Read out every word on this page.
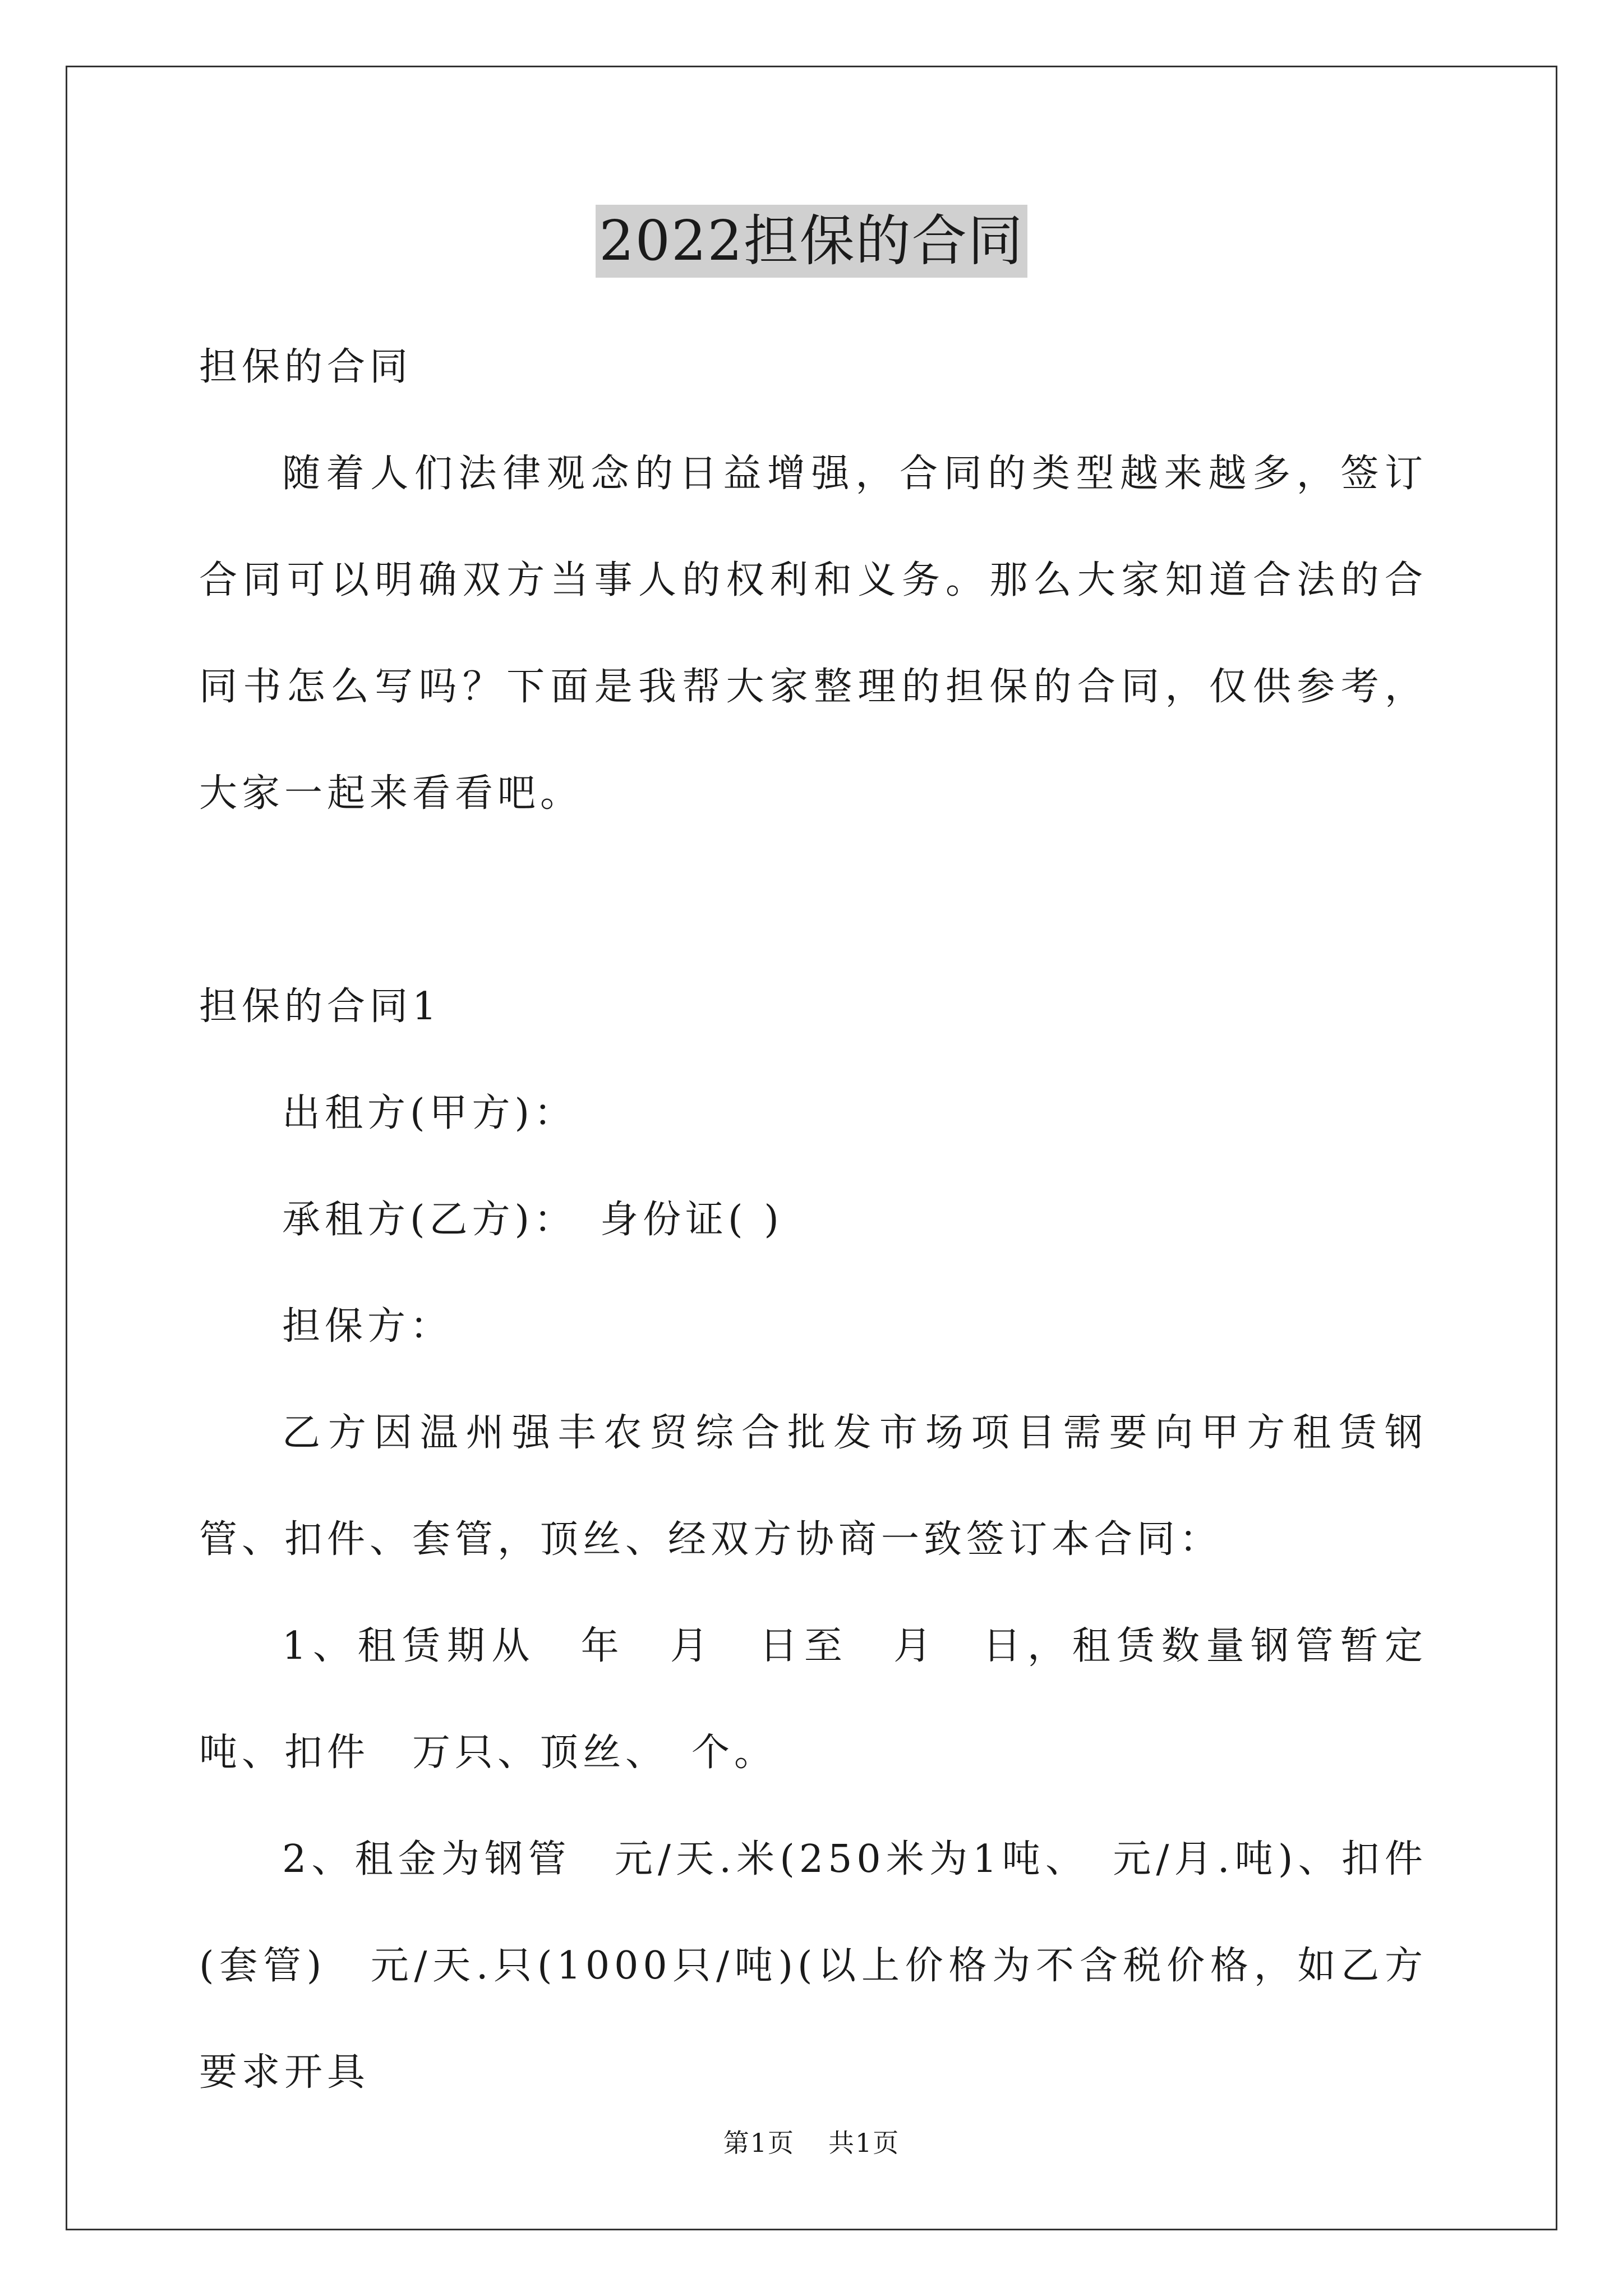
2022担保的合同

担保的合同

随着人们法律观念的日益增强，合同的类型越来越多，签订合同可以明确双方当事人的权利和义务。那么大家知道合法的合同书怎么写吗？下面是我帮大家整理的担保的合同，仅供参考，大家一起来看看吧。

担保的合同1

出租方(甲方)：

承租方(乙方)：　身份证( )

担保方：

乙方因温州强丰农贸综合批发市场项目需要向甲方租赁钢管、扣件、套管，顶丝、经双方协商一致签订本合同：

1、租赁期从　年　月　日至　月　日，租赁数量钢管暂定　吨、扣件　万只、顶丝、　个。

2、租金为钢管　元/天.米(250米为1吨、　元/月.吨)、扣件(套管)　元/天.只(1000只/吨)(以上价格为不含税价格，如乙方要求开具

第1页 共1页
